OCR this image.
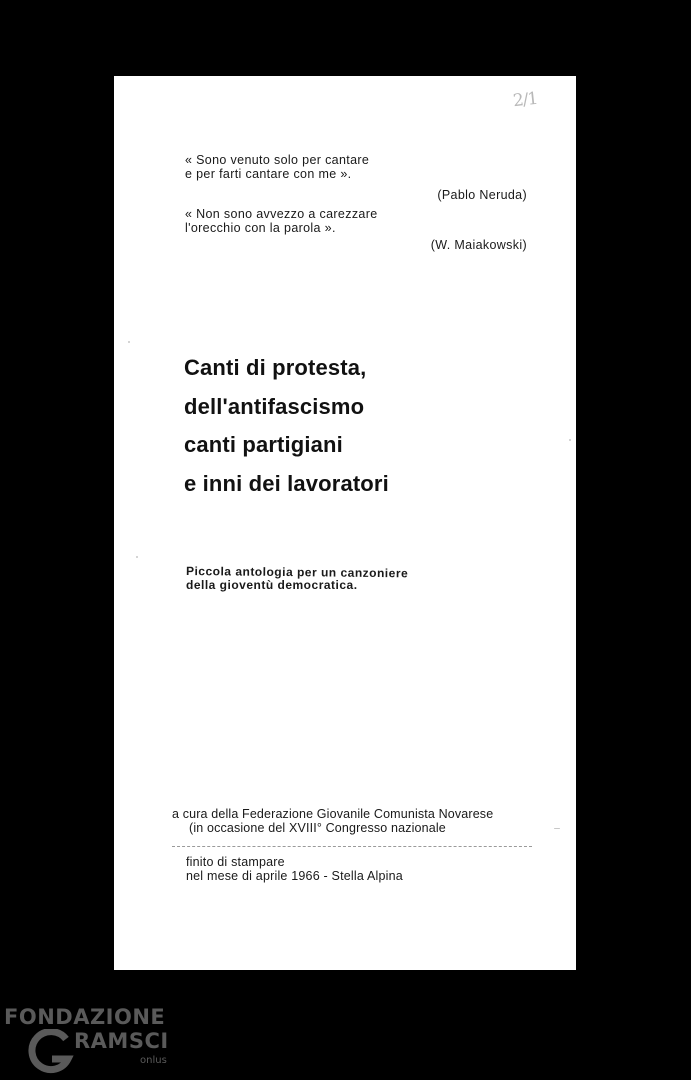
2/1
« Sono venuto solo per cantare
e per farti cantare con me ».
(Pablo Neruda)
« Non sono avvezzo a carezzare
l'orecchio con la parola ».
(W. Maiakowski)
Canti di protesta,
dell'antifascismo
canti partigiani
e inni dei lavoratori
Piccola antologia per un canzoniere
della gioventù democratica.
a cura della Federazione Giovanile Comunista Novarese
(in occasione del XVIII° Congresso nazionale
finito di stampare
nel mese di aprile 1966 - Stella Alpina
FONDAZIONE
RAMSCI
onlus
